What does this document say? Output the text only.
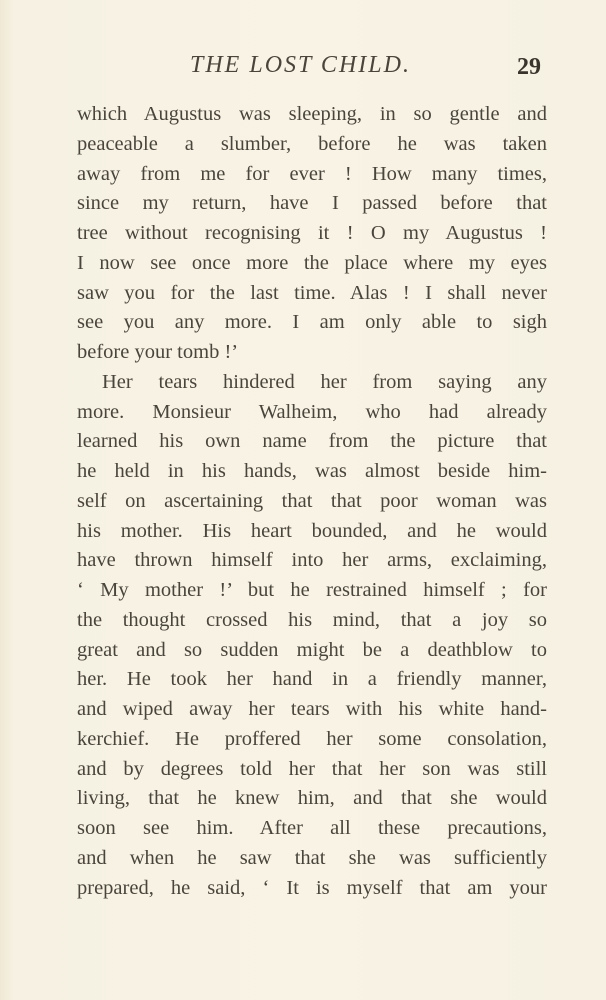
THE LOST CHILD.	29
which Augustus was sleeping, in so gentle and
peaceable a slumber, before he was taken
away from me for ever ! How many times,
since my return, have I passed before that
tree without recognising it ! O my Augustus !
I now see once more the place where my eyes
saw you for the last time. Alas ! I shall never
see you any more. I am only able to sigh
before your tomb !’
Her tears hindered her from saying any
more. Monsieur Walheim, who had already
learned his own name from the picture that
he held in his hands, was almost beside him-
self on ascertaining that that poor woman was
his mother. His heart bounded, and he would
have thrown himself into her arms, exclaiming,
‘ My mother !’ but he restrained himself ; for
the thought crossed his mind, that a joy so
great and so sudden might be a deathblow to
her. He took her hand in a friendly manner,
and wiped away her tears with his white hand-
kerchief. He proffered her some consolation,
and by degrees told her that her son was still
living, that he knew him, and that she would
soon see him. After all these precautions,
and when he saw that she was sufficiently
prepared, he said, ‘ It is myself that am your
